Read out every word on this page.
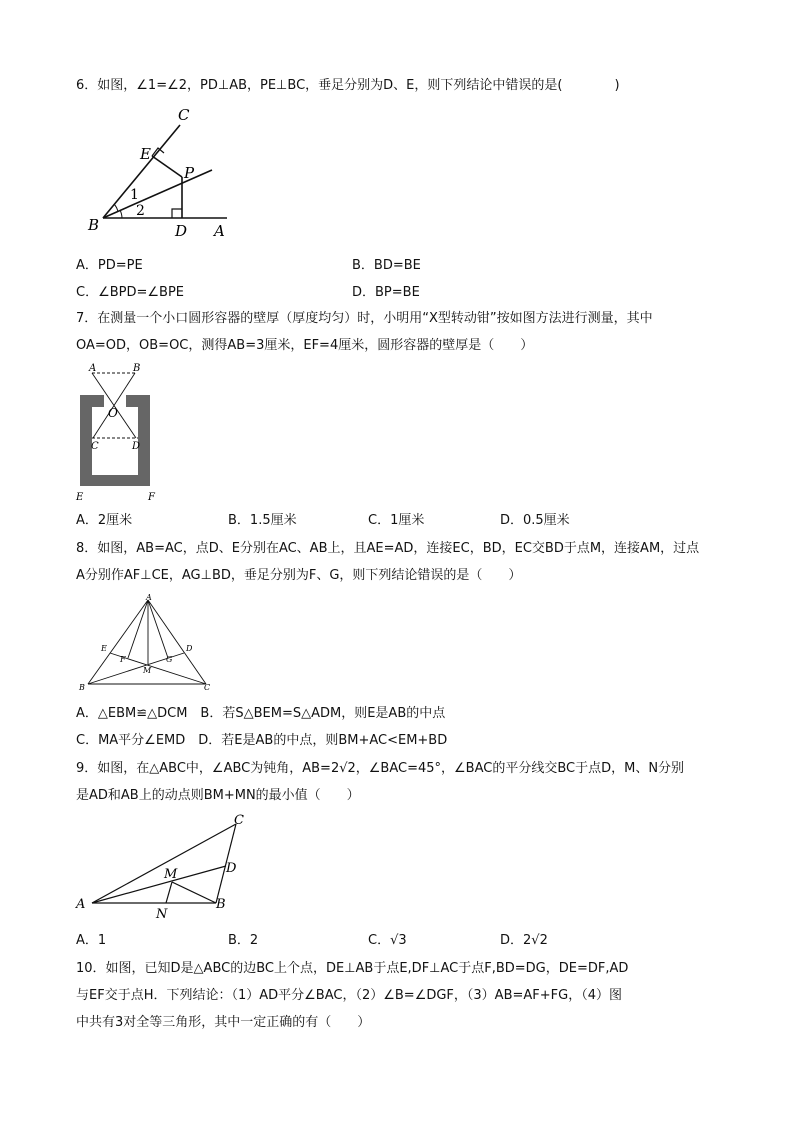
6．如图，∠1=∠2，PD⊥AB，PE⊥BC，垂足分别为D、E，则下列结论中错误的是(　　　　)
C
E
P
1
2
B	D A
A．PD=PE	B．BD=BE
C．∠BPD=∠BPE	D．BP=BE
7．在测量一个小口圆形容器的壁厚（厚度均匀）时，小明用“X型转动钳”按如图方法进行测量，其中
OA=OD，OB=OC，测得AB=3厘米，EF=4厘米，圆形容器的壁厚是（　　）
A	B
O
C	D
E	F
A．2厘米	B．1.5厘米	C．1厘米	D．0.5厘米
8．如图，AB=AC，点D、E分别在AC、AB上，且AE=AD，连接EC，BD，EC交BD于点M，连接AM，过点
A分别作AF⊥CE，AG⊥BD，垂足分别为F、G，则下列结论错误的是（　　）
A
E	D
F	G
M
B	C
A．△EBM≌△DCM　B．若S△BEM=S△ADM，则E是AB的中点
C．MA平分∠EMD　D．若E是AB的中点，则BM+AC<EM+BD
9．如图，在△ABC中，∠ABC为钝角，AB=2√2，∠BAC=45°，∠BAC的平分线交BC于点D，M、N分别
是AD和AB上的动点则BM+MN的最小值（　　）
C
D
M
A
N
B
A．1	B．2	C．√3	D．2√2
10．如图，已知D是△ABC的边BC上个点，DE⊥AB于点E,DF⊥AC于点F,BD=DG，DE=DF,AD
与EF交于点H．下列结论：（1）AD平分∠BAC，（2）∠B=∠DGF，（3）AB=AF+FG，（4）图
中共有3对全等三角形，其中一定正确的有（　　）
